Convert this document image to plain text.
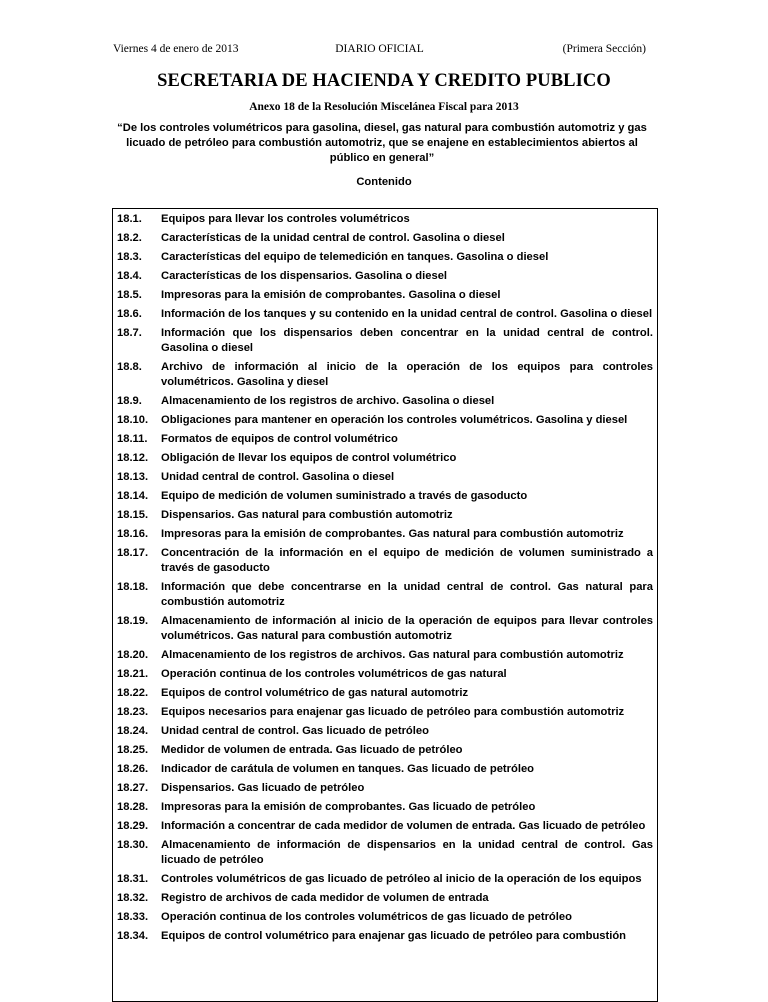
Viernes 4 de enero de 2013	DIARIO OFICIAL	(Primera Sección)
SECRETARIA DE HACIENDA Y CREDITO PUBLICO
Anexo 18 de la Resolución Miscelánea Fiscal para 2013
“De los controles volumétricos para gasolina, diesel, gas natural para combustión automotriz y gas licuado de petróleo para combustión automotriz, que se enajene en establecimientos abiertos al público en general”
Contenido
18.1.	Equipos para llevar los controles volumétricos
18.2.	Características de la unidad central de control. Gasolina o diesel
18.3.	Características del equipo de telemedición en tanques. Gasolina o diesel
18.4.	Características de los dispensarios. Gasolina o diesel
18.5.	Impresoras para la emisión de comprobantes. Gasolina o diesel
18.6.	Información de los tanques y su contenido en la unidad central de control. Gasolina o diesel
18.7.	Información que los dispensarios deben concentrar en la unidad central de control. Gasolina o diesel
18.8.	Archivo de información al inicio de la operación de los equipos para controles volumétricos. Gasolina y diesel
18.9.	Almacenamiento de los registros de archivo. Gasolina o diesel
18.10.	Obligaciones para mantener en operación los controles volumétricos. Gasolina y diesel
18.11.	Formatos de equipos de control volumétrico
18.12.	Obligación de llevar los equipos de control volumétrico
18.13.	Unidad central de control. Gasolina o diesel
18.14.	Equipo de medición de volumen suministrado a través de gasoducto
18.15.	Dispensarios. Gas natural para combustión automotriz
18.16.	Impresoras para la emisión de comprobantes. Gas natural para combustión automotriz
18.17.	Concentración de la información en el equipo de medición de volumen suministrado a través de gasoducto
18.18.	Información que debe concentrarse en la unidad central de control. Gas natural para combustión automotriz
18.19.	Almacenamiento de información al inicio de la operación de equipos para llevar controles volumétricos. Gas natural para combustión automotriz
18.20.	Almacenamiento de los registros de archivos. Gas natural para combustión automotriz
18.21.	Operación continua de los controles volumétricos de gas natural
18.22.	Equipos de control volumétrico de gas natural automotriz
18.23.	Equipos necesarios para enajenar gas licuado de petróleo para combustión automotriz
18.24.	Unidad central de control. Gas licuado de petróleo
18.25.	Medidor de volumen de entrada. Gas licuado de petróleo
18.26.	Indicador de carátula de volumen en tanques. Gas licuado de petróleo
18.27.	Dispensarios. Gas licuado de petróleo
18.28.	Impresoras para la emisión de comprobantes. Gas licuado de petróleo
18.29.	Información a concentrar de cada medidor de volumen de entrada. Gas licuado de petróleo
18.30.	Almacenamiento de información de dispensarios en la unidad central de control. Gas licuado de petróleo
18.31.	Controles volumétricos de gas licuado de petróleo al inicio de la operación de los equipos
18.32.	Registro de archivos de cada medidor de volumen de entrada
18.33.	Operación continua de los controles volumétricos de gas licuado de petróleo
18.34.	Equipos de control volumétrico para enajenar gas licuado de petróleo para combustión
